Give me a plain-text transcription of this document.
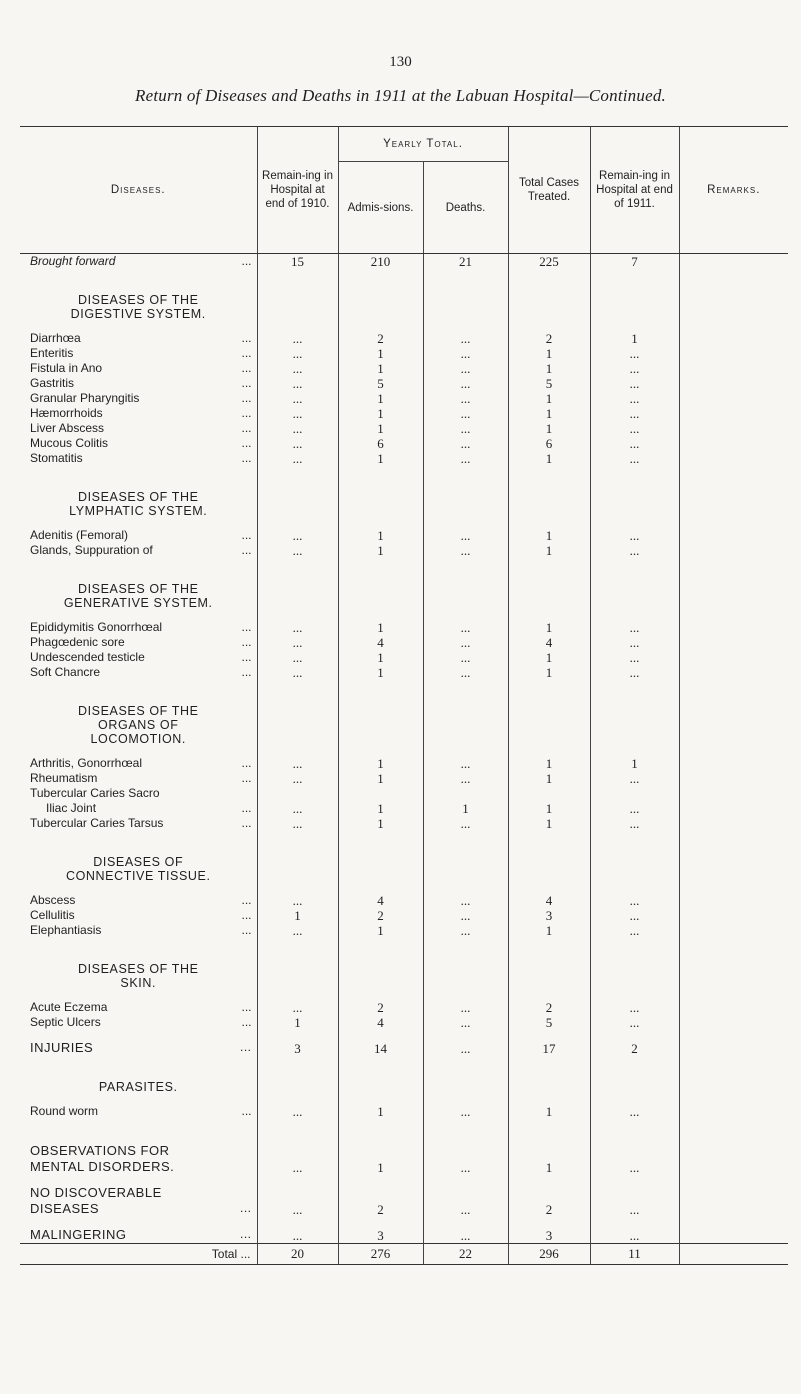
130
Return of Diseases and Deaths in 1911 at the Labuan Hospital—Continued.
Diseases.	Remain-ing in Hospital at end of 1910.	Yearly Total.		Total Cases Treated.	Remain-ing in Hospital at end of 1911.	Remarks.
		Admis-sions.	Deaths.			

...
Brought forward	15	210	21	225	7	

DISEASES OF THE
DIGESTIVE SYSTEM.						

...
Diarrhœa	...	2	...	2	1	

...
Enteritis	...	1	...	1	...	

...
Fistula in Ano	...	1	...	1	...	

...
Gastritis	...	5	...	5	...	

...
Granular Pharyngitis	...	1	...	1	...	

...
Hæmorrhoids	...	1	...	1	...	

...
Liver Abscess	...	1	...	1	...	

...
Mucous Colitis	...	6	...	6	...	

...
Stomatitis	...	1	...	1	...	

DISEASES OF THE
LYMPHATIC SYSTEM.						

...
Adenitis (Femoral)	...	1	...	1	...	

...
Glands, Suppuration of	...	1	...	1	...	

DISEASES OF THE
GENERATIVE SYSTEM.						

...
Epididymitis Gonorrhœal	...	1	...	1	...	

...
Phagœdenic sore	...	4	...	4	...	

...
Undescended testicle	...	1	...	1	...	

...
Soft Chancre	...	1	...	1	...	

DISEASES OF THE
ORGANS OF
LOCOMOTION.						

...
Arthritis, Gonorrhœal	...	1	...	1	1	

...
Rheumatism	...	1	...	1	...	
Tubercular Caries Sacro						

...
Iliac Joint	...	1	1	1	...	

...
Tubercular Caries Tarsus	...	1	...	1	...	

DISEASES OF
CONNECTIVE TISSUE.						

...
Abscess	...	4	...	4	...	

...
Cellulitis	1	2	...	3	...	

...
Elephantiasis	...	1	...	1	...	

DISEASES OF THE
SKIN.						

...
Acute Eczema	...	2	...	2	...	

...
Septic Ulcers	1	4	...	5	...	

...
INJURIES	3	14	...	17	2	

PARASITES.						

...
Round worm	...	1	...	1	...	

OBSERVATIONS FOR						
MENTAL DISORDERS.	...	1	...	1	...	

NO DISCOVERABLE						

...
DISEASES	...	2	...	2	...	

...
MALINGERING	...	3	...	3	...	
Total ...	20	276	22	296	11	
